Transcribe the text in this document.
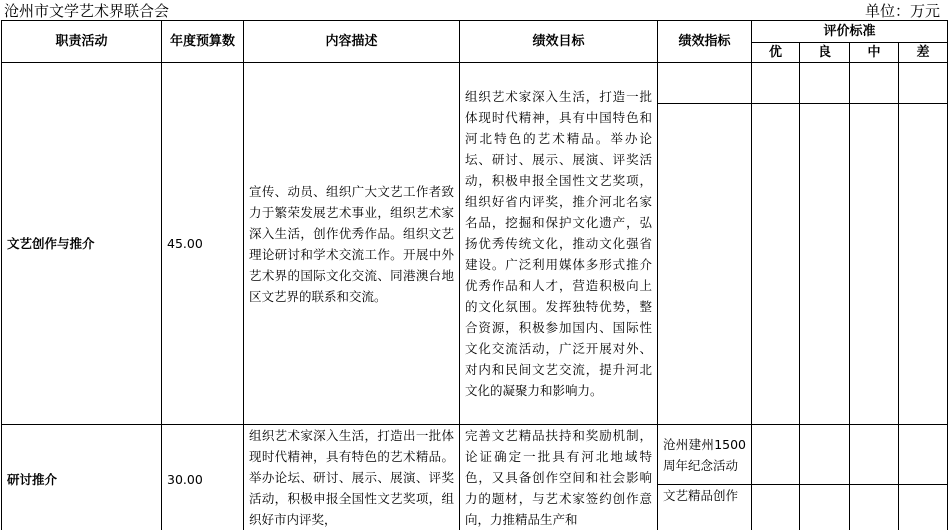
沧州市文学艺术界联合会	单位：万元
职责活动	年度预算数	内容描述	绩效目标	绩效指标	评价标准			
					优	良	中	差
文艺创作与推介	45.00	宣传、动员、组织广大文艺工作者致力于繁荣发展艺术事业，组织艺术家深入生活，创作优秀作品。组织文艺理论研讨和学术交流工作。开展中外艺术界的国际文化交流、同港澳台地区文艺界的联系和交流。	组织艺术家深入生活，打造一批体现时代精神，具有中国特色和河北特色的艺术精品。举办论坛、研讨、展示、展演、评奖活动，积极申报全国性文艺奖项，组织好省内评奖，推介河北名家名品，挖掘和保护文化遗产，弘扬优秀传统文化，推动文化强省建设。广泛利用媒体多形式推介优秀作品和人才，营造积极向上的文化氛围。发挥独特优势，整合资源，积极参加国内、国际性文化交流活动，广泛开展对外、对内和民间文艺交流，提升河北文化的凝聚力和影响力。					

研讨推介	30.00	组织艺术家深入生活，打造出一批体现时代精神，具有特色的艺术精品。举办论坛、研讨、展示、展演、评奖活动，积极申报全国性文艺奖项，组织好市内评奖，	完善文艺精品扶持和奖励机制，论证确定一批具有河北地域特色，又具备创作空间和社会影响力的题材，与艺术家签约创作意向，力推精品生产和	沧州建州1500周年纪念活动				
				文艺精品创作				
